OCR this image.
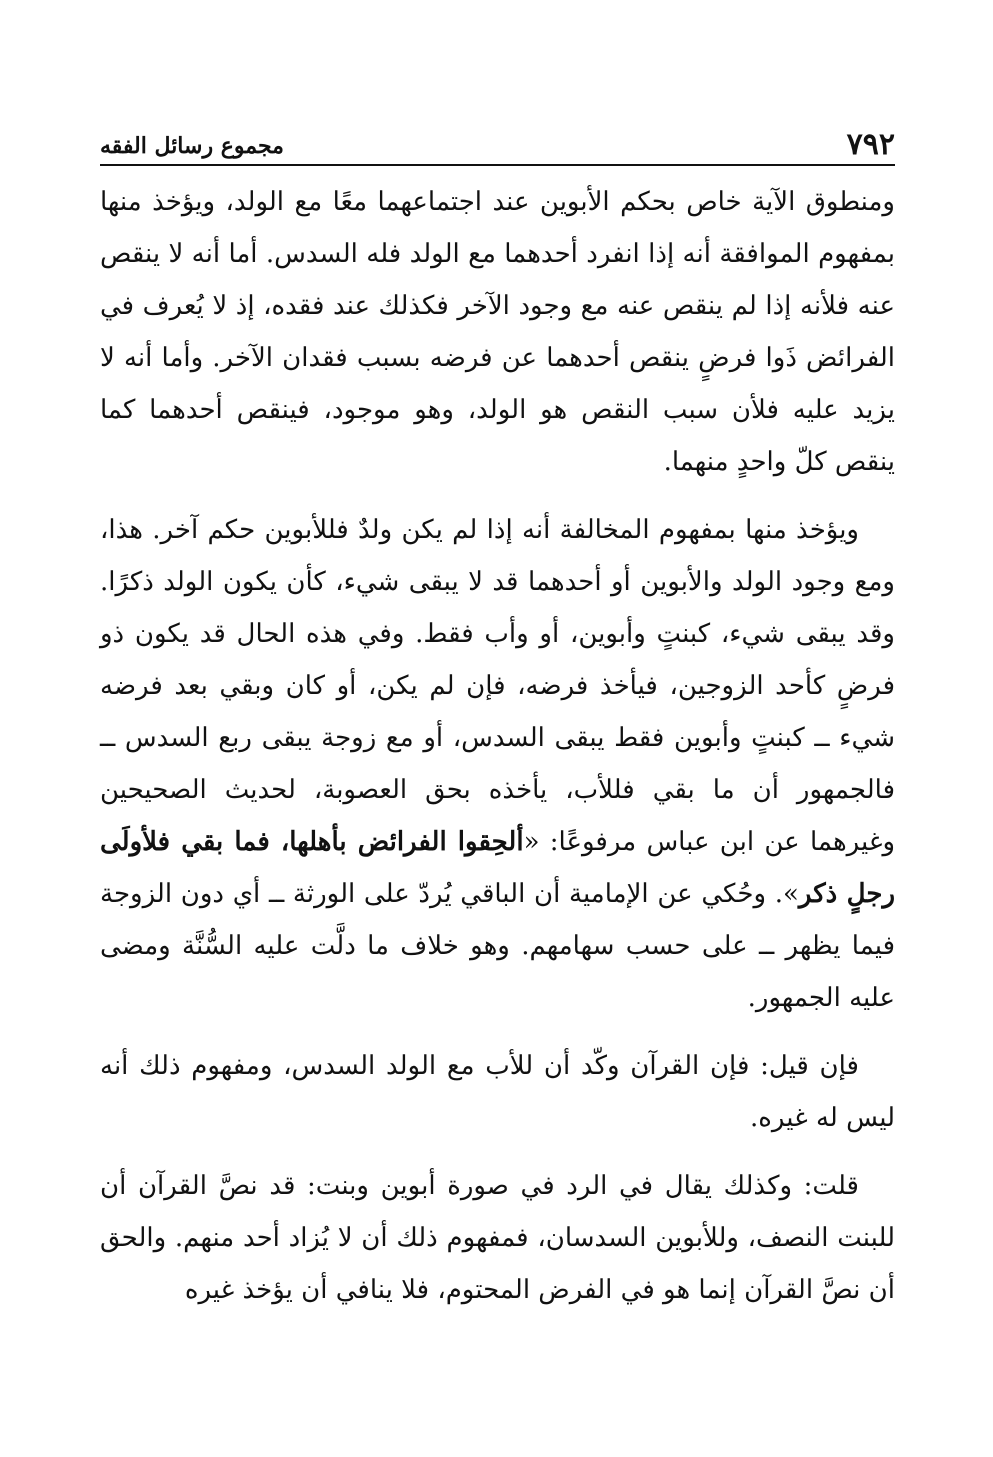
٧٩٢
مجموع رسائل الفقه

ومنطوق الآية خاص بحكم الأبوين عند اجتماعهما معًا مع الولد، ويؤخذ منها بمفهوم الموافقة أنه إذا انفرد أحدهما مع الولد فله السدس. أما أنه لا ينقص عنه فلأنه إذا لم ينقص عنه مع وجود الآخر فكذلك عند فقده، إذ لا يُعرف في الفرائض ذَوا فرضٍ ينقص أحدهما عن فرضه بسبب فقدان الآخر. وأما أنه لا يزيد عليه فلأن سبب النقص هو الولد، وهو موجود، فينقص أحدهما كما ينقص كلّ واحدٍ منهما.

ويؤخذ منها بمفهوم المخالفة أنه إذا لم يكن ولدٌ فللأبوين حكم آخر. هذا، ومع وجود الولد والأبوين أو أحدهما قد لا يبقى شيء، كأن يكون الولد ذكرًا. وقد يبقى شيء، كبنتٍ وأبوين، أو وأب فقط. وفي هذه الحال قد يكون ذو فرضٍ كأحد الزوجين، فيأخذ فرضه، فإن لم يكن، أو كان وبقي بعد فرضه شيء ــ كبنتٍ وأبوين فقط يبقى السدس، أو مع زوجة يبقى ربع السدس ــ فالجمهور أن ما بقي فللأب، يأخذه بحق العصوبة، لحديث الصحيحين وغيرهما عن ابن عباس مرفوعًا: «ألحِقوا الفرائض بأهلها، فما بقي فلأولَى رجلٍ ذكر». وحُكي عن الإمامية أن الباقي يُردّ على الورثة ــ أي دون الزوجة فيما يظهر ــ على حسب سهامهم. وهو خلاف ما دلَّت عليه السُّنَّة ومضى عليه الجمهور.

فإن قيل: فإن القرآن وكّد أن للأب مع الولد السدس، ومفهوم ذلك أنه ليس له غيره.

قلت: وكذلك يقال في الرد في صورة أبوين وبنت: قد نصَّ القرآن أن للبنت النصف، وللأبوين السدسان، فمفهوم ذلك أن لا يُزاد أحد منهم. والحق أن نصَّ القرآن إنما هو في الفرض المحتوم، فلا ينافي أن يؤخذ غيره
